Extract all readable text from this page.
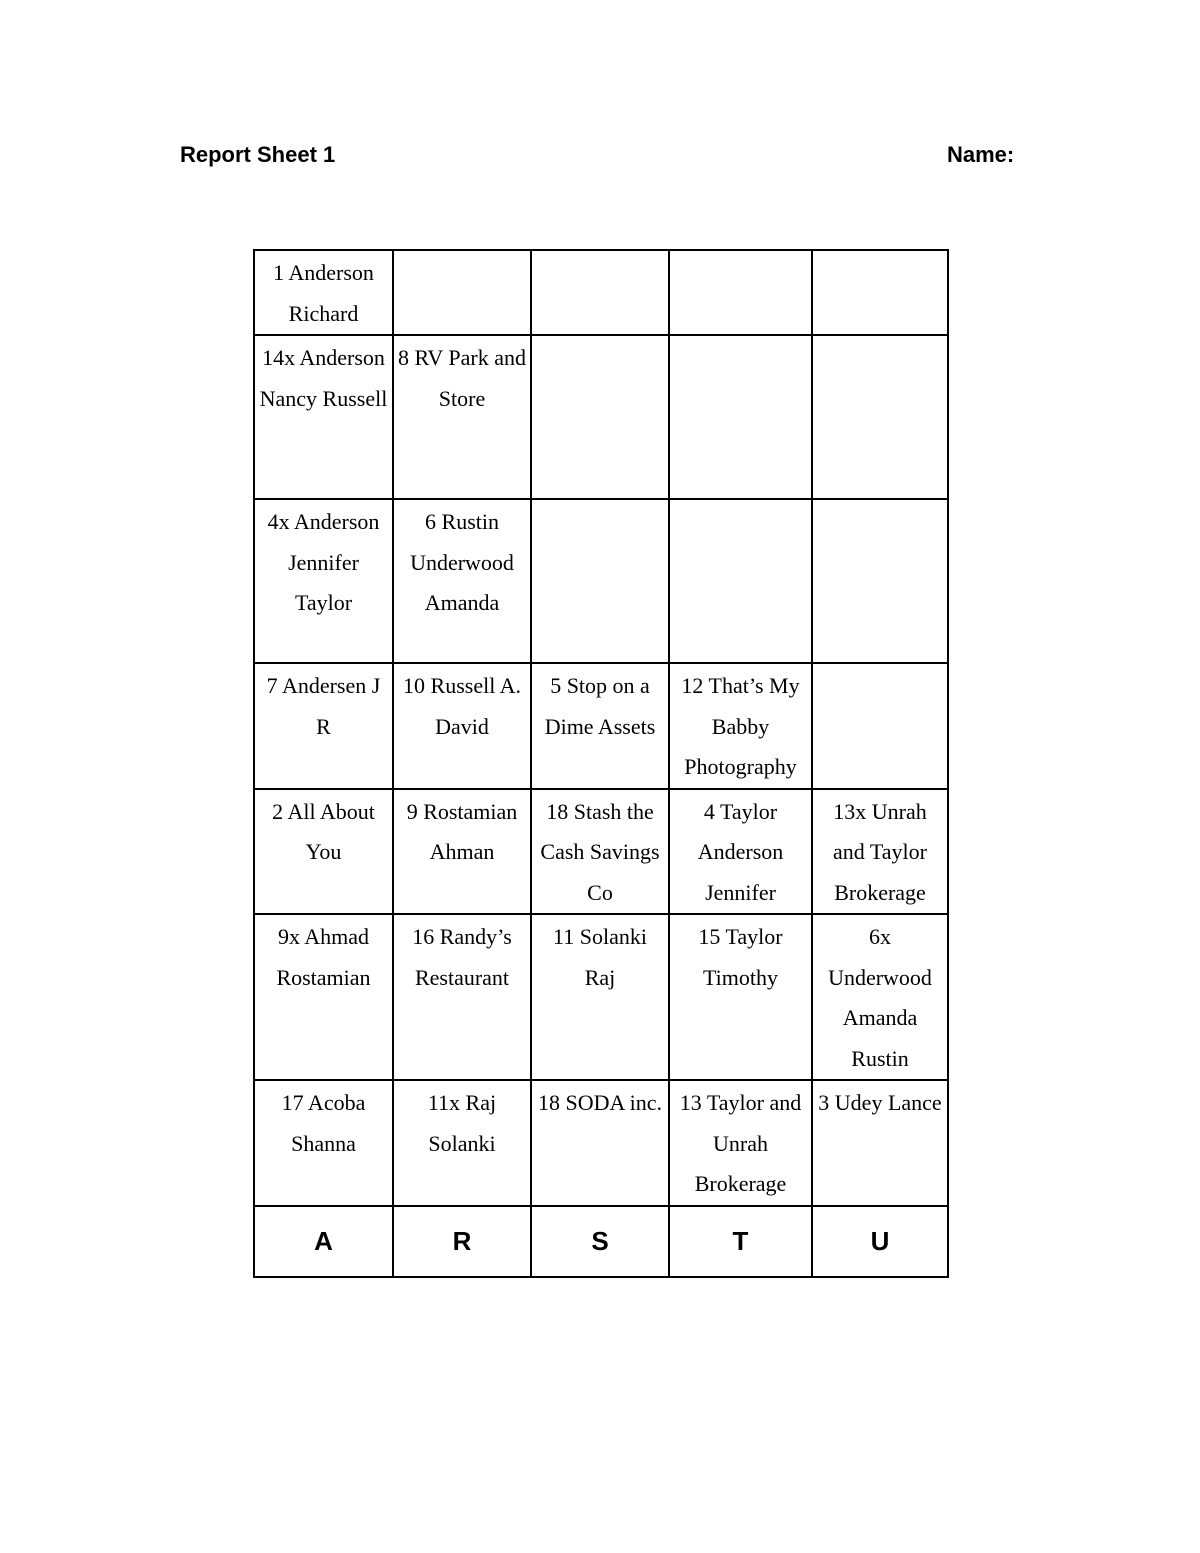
Report Sheet 1	Name:
1 Anderson Richard				

14x Anderson Nancy Russell	8 RV Park and Store			

4x Anderson Jennifer Taylor	6 Rustin Underwood Amanda			

7 Andersen J R	10 Russell A. David	5 Stop on a Dime Assets	12 That’s My Babby Photography	

2 All About You	9 Rostamian Ahman	18 Stash the Cash Savings Co	4 Taylor Anderson Jennifer	13x Unrah and Taylor Brokerage

9x Ahmad Rostamian	16 Randy’s Restaurant	11 Solanki Raj	15 Taylor Timothy	6x Underwood Amanda Rustin

17 Acoba Shanna	11x Raj Solanki	18 SODA inc.	13 Taylor and Unrah Brokerage	3 Udey Lance

A	R	S	T	U
